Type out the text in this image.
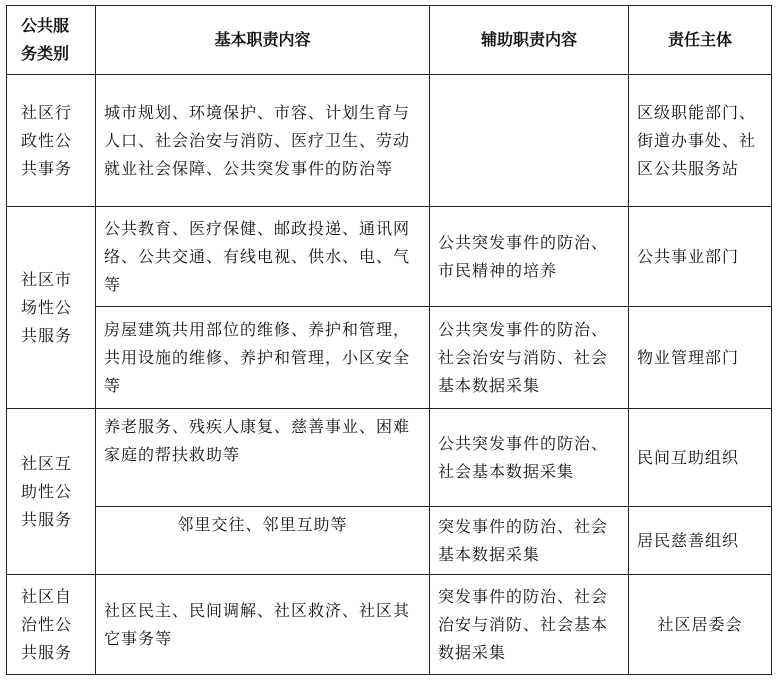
公共服务类别	基本职责内容	辅助职责内容	责任主体
社区行政性公共事务	城市规划、环境保护、市容、计划生育与人口、社会治安与消防、医疗卫生、劳动就业社会保障、公共突发事件的防治等		区级职能部门、街道办事处、社区公共服务站
社区市场性公共服务	公共教育、医疗保健、邮政投递、通讯网络、公共交通、有线电视、供水、电、气等	公共突发事件的防治、市民精神的培养	公共事业部门
	房屋建筑共用部位的维修、养护和管理，共用设施的维修、养护和管理，小区安全等	公共突发事件的防治、社会治安与消防、社会基本数据采集	物业管理部门
社区互助性公共服务	养老服务、残疾人康复、慈善事业、困难家庭的帮扶救助等	公共突发事件的防治、社会基本数据采集	民间互助组织
	邻里交往、邻里互助等	突发事件的防治、社会基本数据采集	居民慈善组织
社区自治性公共服务	社区民主、民间调解、社区救济、社区其它事务等	突发事件的防治、社会治安与消防、社会基本数据采集	社区居委会
